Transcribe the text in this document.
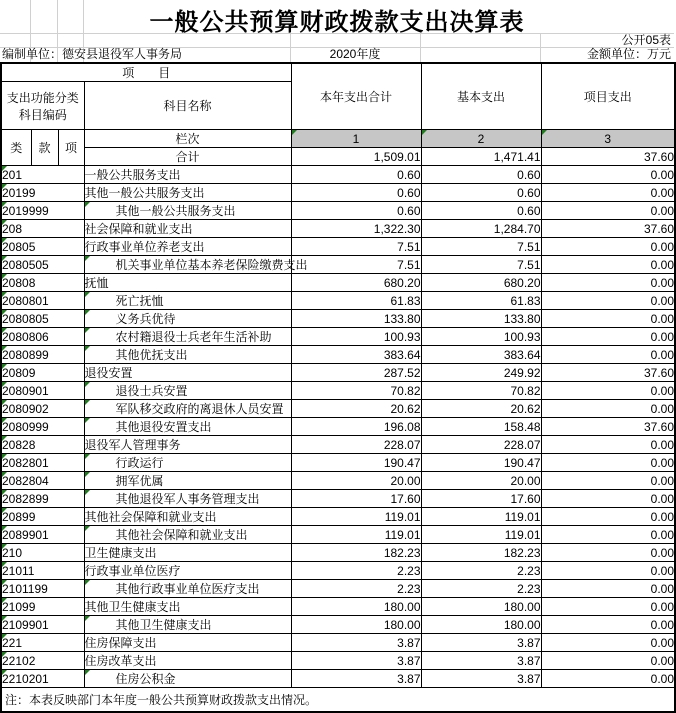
一般公共预算财政拨款支出决算表
公开05表
编制单位：德安县退役军人事务局	2020年度	金额单位：万元
项　　目				本年支出合计	基本支出	项目支出
支出功能分类科目编码			科目名称			
类	款	项	栏次	1	2	3
			合计	1,509.01	1,471.41	37.60
201			一般公共服务支出	0.60	0.60	0.00
20199			其他一般公共服务支出	0.60	0.60	0.00
2019999			其他一般公共服务支出	0.60	0.60	0.00
208			社会保障和就业支出	1,322.30	1,284.70	37.60
20805			行政事业单位养老支出	7.51	7.51	0.00
2080505			机关事业单位基本养老保险缴费支出	7.51	7.51	0.00
20808			抚恤	680.20	680.20	0.00
2080801			死亡抚恤	61.83	61.83	0.00
2080805			义务兵优待	133.80	133.80	0.00
2080806			农村籍退役士兵老年生活补助	100.93	100.93	0.00
2080899			其他优抚支出	383.64	383.64	0.00
20809			退役安置	287.52	249.92	37.60
2080901			退役士兵安置	70.82	70.82	0.00
2080902			军队移交政府的离退休人员安置	20.62	20.62	0.00
2080999			其他退役安置支出	196.08	158.48	37.60
20828			退役军人管理事务	228.07	228.07	0.00
2082801			行政运行	190.47	190.47	0.00
2082804			拥军优属	20.00	20.00	0.00
2082899			其他退役军人事务管理支出	17.60	17.60	0.00
20899			其他社会保障和就业支出	119.01	119.01	0.00
2089901			其他社会保障和就业支出	119.01	119.01	0.00
210			卫生健康支出	182.23	182.23	0.00
21011			行政事业单位医疗	2.23	2.23	0.00
2101199			其他行政事业单位医疗支出	2.23	2.23	0.00
21099			其他卫生健康支出	180.00	180.00	0.00
2109901			其他卫生健康支出	180.00	180.00	0.00
221			住房保障支出	3.87	3.87	0.00
22102			住房改革支出	3.87	3.87	0.00
2210201			住房公积金	3.87	3.87	0.00
注：本表反映部门本年度一般公共预算财政拨款支出情况。						
